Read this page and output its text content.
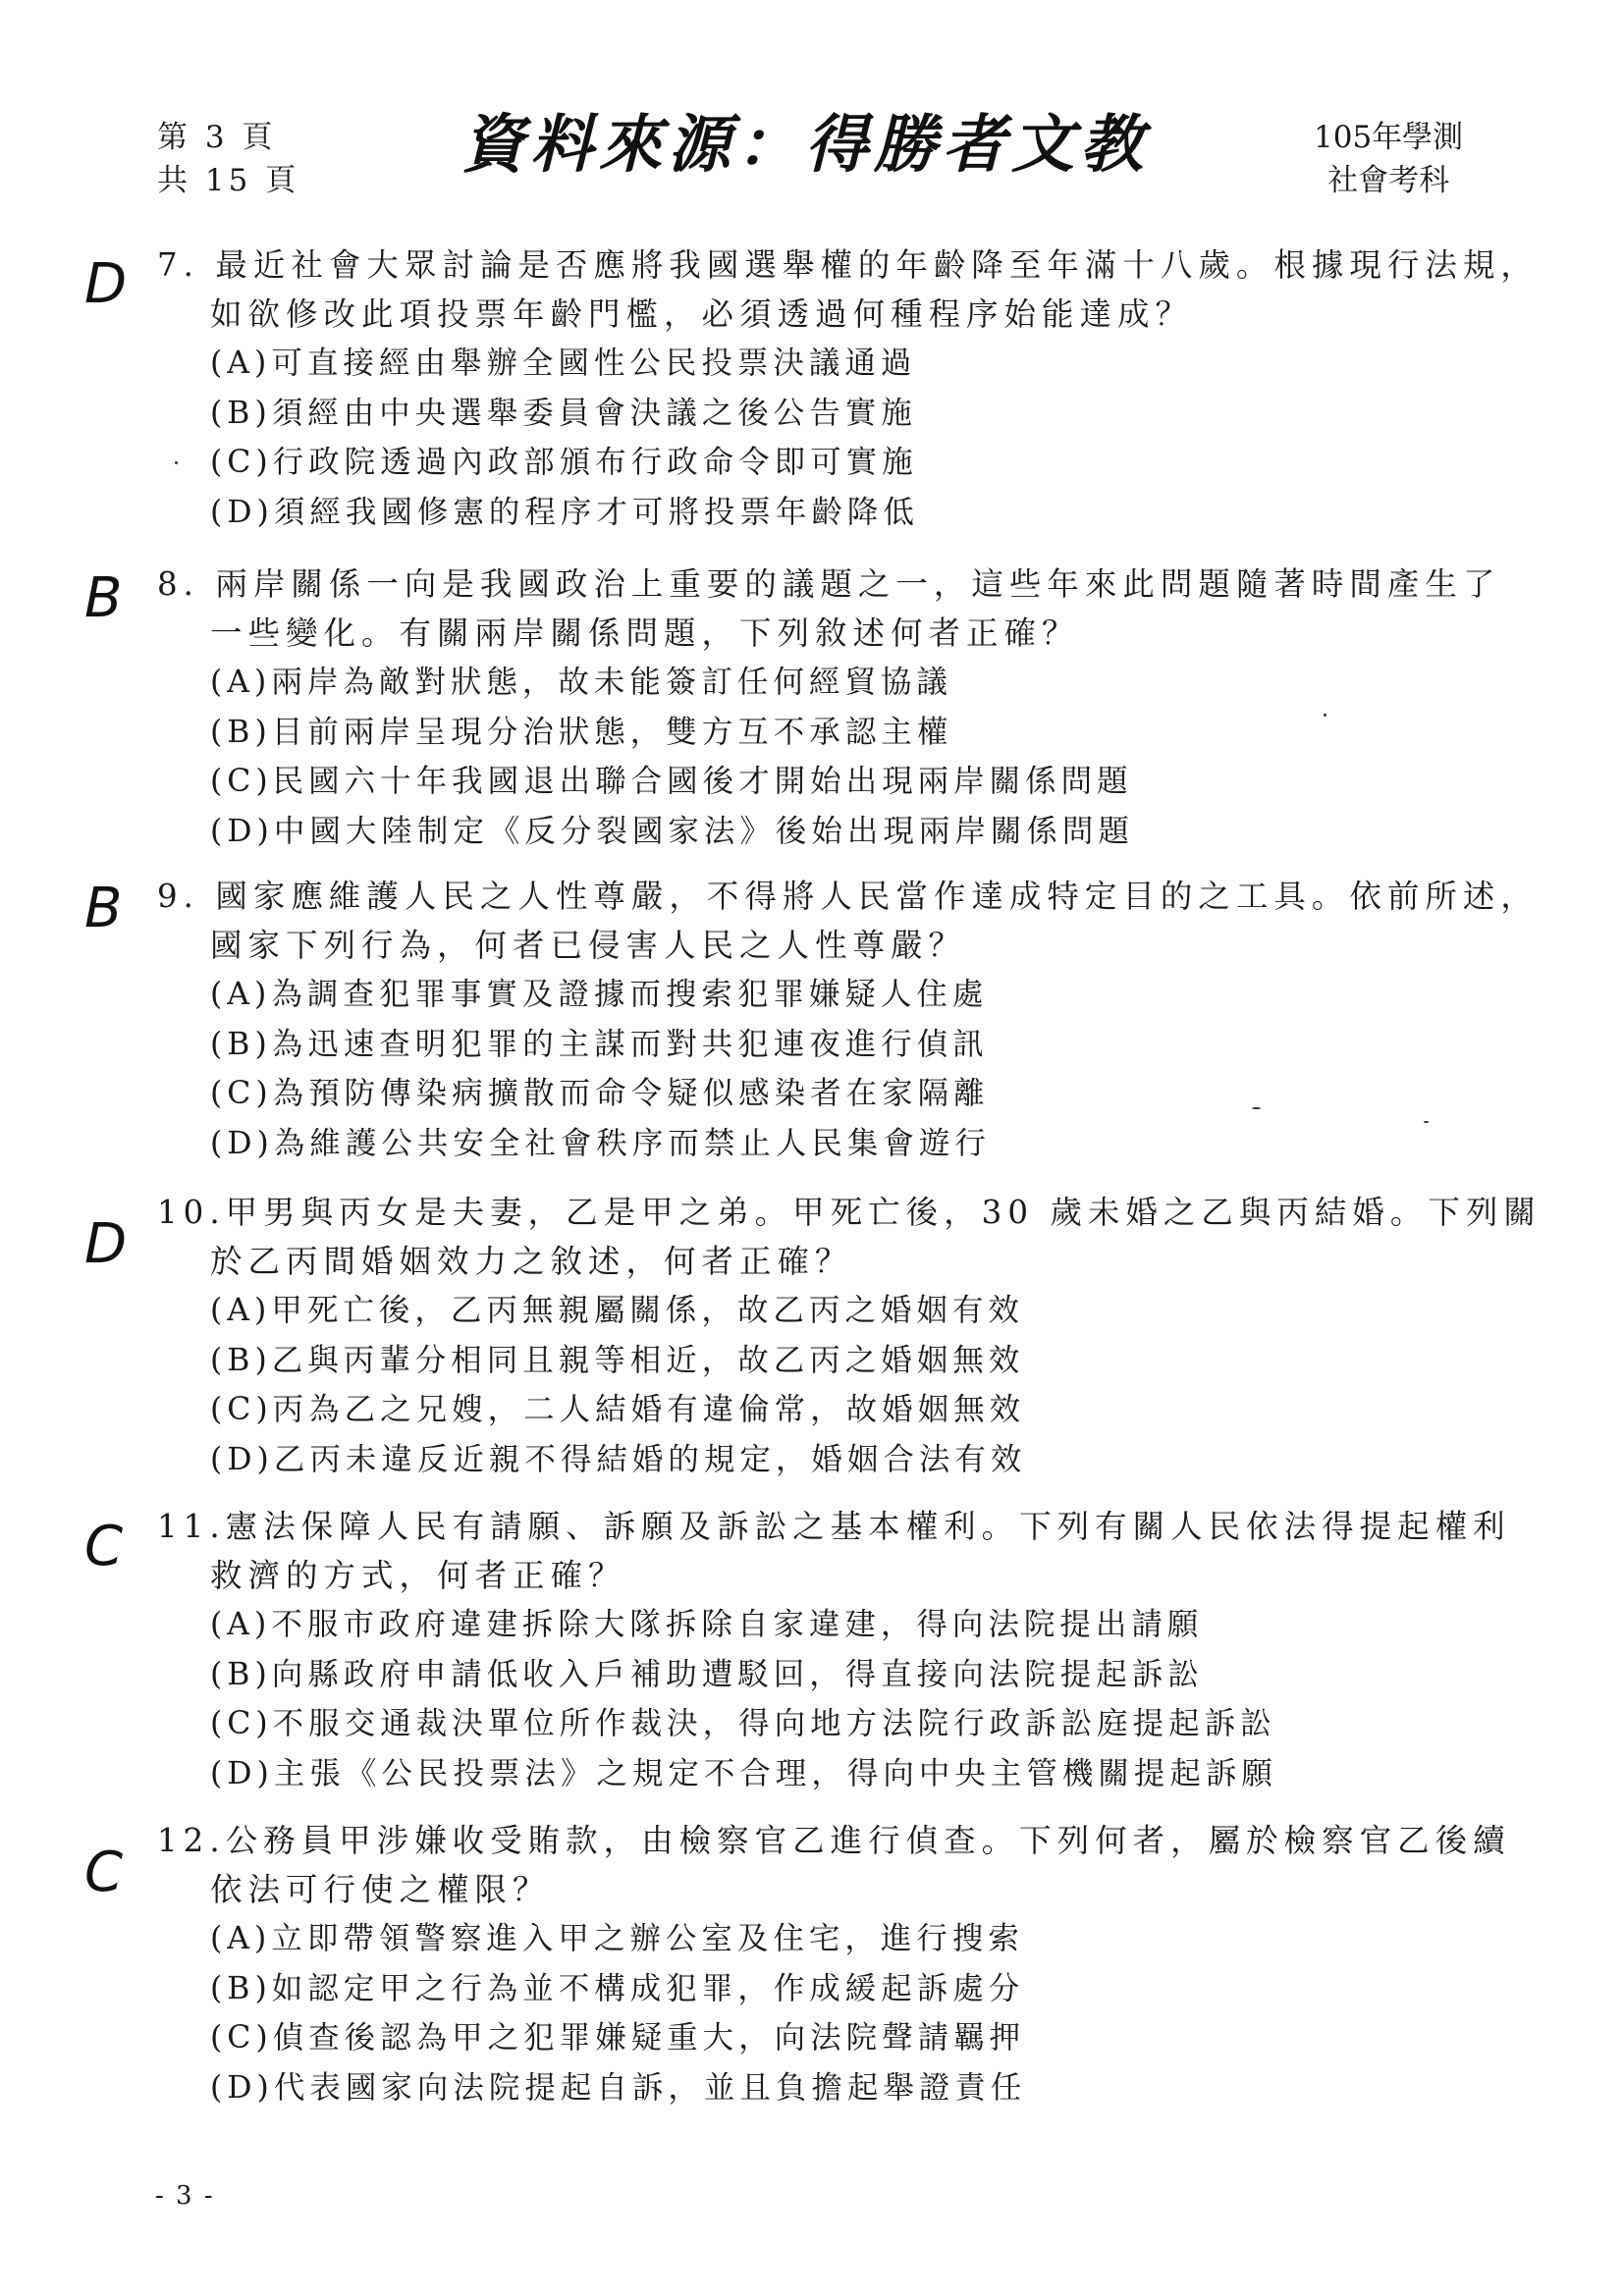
第 3 頁
共 15 頁	資料來源：得勝者文教	105年學測
社會考科
D 7. 最近社會大眾討論是否應將我國選舉權的年齡降至年滿十八歲。根據現行法規，
如欲修改此項投票年齡門檻，必須透過何種程序始能達成？
(A)可直接經由舉辦全國性公民投票決議通過
(B)須經由中央選舉委員會決議之後公告實施
(C)行政院透過內政部頒布行政命令即可實施
(D)須經我國修憲的程序才可將投票年齡降低
B 8. 兩岸關係一向是我國政治上重要的議題之一，這些年來此問題隨著時間產生了
一些變化。有關兩岸關係問題，下列敘述何者正確？
(A)兩岸為敵對狀態，故未能簽訂任何經貿協議
(B)目前兩岸呈現分治狀態，雙方互不承認主權
(C)民國六十年我國退出聯合國後才開始出現兩岸關係問題
(D)中國大陸制定《反分裂國家法》後始出現兩岸關係問題
B 9. 國家應維護人民之人性尊嚴，不得將人民當作達成特定目的之工具。依前所述，
國家下列行為，何者已侵害人民之人性尊嚴？
(A)為調查犯罪事實及證據而搜索犯罪嫌疑人住處
(B)為迅速查明犯罪的主謀而對共犯連夜進行偵訊
(C)為預防傳染病擴散而命令疑似感染者在家隔離
(D)為維護公共安全社會秩序而禁止人民集會遊行
D 10.甲男與丙女是夫妻，乙是甲之弟。甲死亡後，30 歲未婚之乙與丙結婚。下列關
於乙丙間婚姻效力之敘述，何者正確？
(A)甲死亡後，乙丙無親屬關係，故乙丙之婚姻有效
(B)乙與丙輩分相同且親等相近，故乙丙之婚姻無效
(C)丙為乙之兄嫂，二人結婚有違倫常，故婚姻無效
(D)乙丙未違反近親不得結婚的規定，婚姻合法有效
C 11.憲法保障人民有請願、訴願及訴訟之基本權利。下列有關人民依法得提起權利
救濟的方式，何者正確？
(A)不服市政府違建拆除大隊拆除自家違建，得向法院提出請願
(B)向縣政府申請低收入戶補助遭駁回，得直接向法院提起訴訟
(C)不服交通裁決單位所作裁決，得向地方法院行政訴訟庭提起訴訟
(D)主張《公民投票法》之規定不合理，得向中央主管機關提起訴願
C 12.公務員甲涉嫌收受賄款，由檢察官乙進行偵查。下列何者，屬於檢察官乙後續
依法可行使之權限？
(A)立即帶領警察進入甲之辦公室及住宅，進行搜索
(B)如認定甲之行為並不構成犯罪，作成緩起訴處分
(C)偵查後認為甲之犯罪嫌疑重大，向法院聲請羈押
(D)代表國家向法院提起自訴，並且負擔起舉證責任
- 3 -
